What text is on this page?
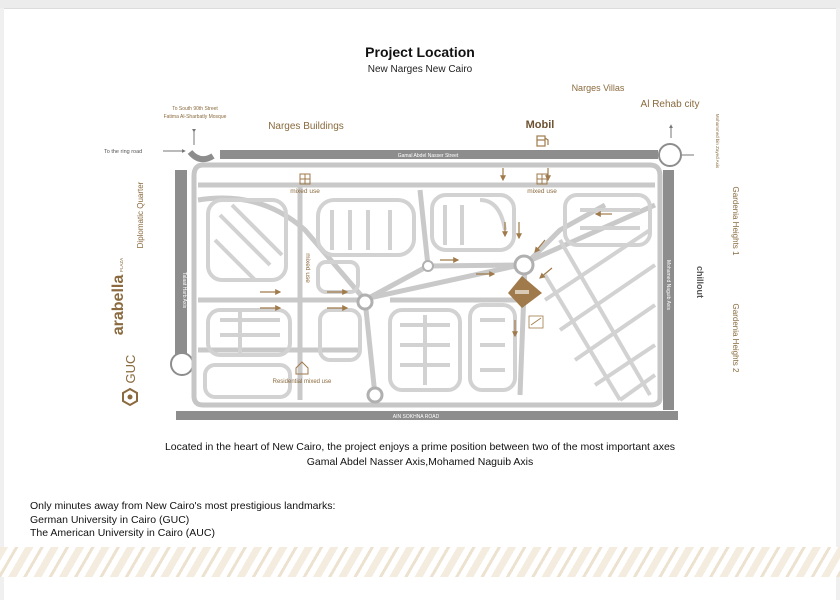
Project Location
New Narges New Cairo
Narges Buildings
Narges Villas
Al Rehab city
Mobil
To South 90th Street
Fatima Al-Sharbatly Mosque
To the ring road
Gamal Abdel Nasser Street
AIN SOKHNA ROAD
mixed use	mixed use
Residential mixed use
mixed use
Diplomatic Quarter
arabella
PLAZA
GUC
Talaat Harb Axis	Mohamed Naguib Axis
Mohammed bin Zayed Axis
Gardenia Heights 1
Gardenia Heights 2
chillout
Located in the heart of New Cairo, the project enjoys a prime position between two of the most important axes
Gamal Abdel Nasser Axis,Mohamed Naguib Axis
Only minutes away from New Cairo's most prestigious landmarks:
German University in Cairo (GUC)
The American University in Cairo (AUC)
